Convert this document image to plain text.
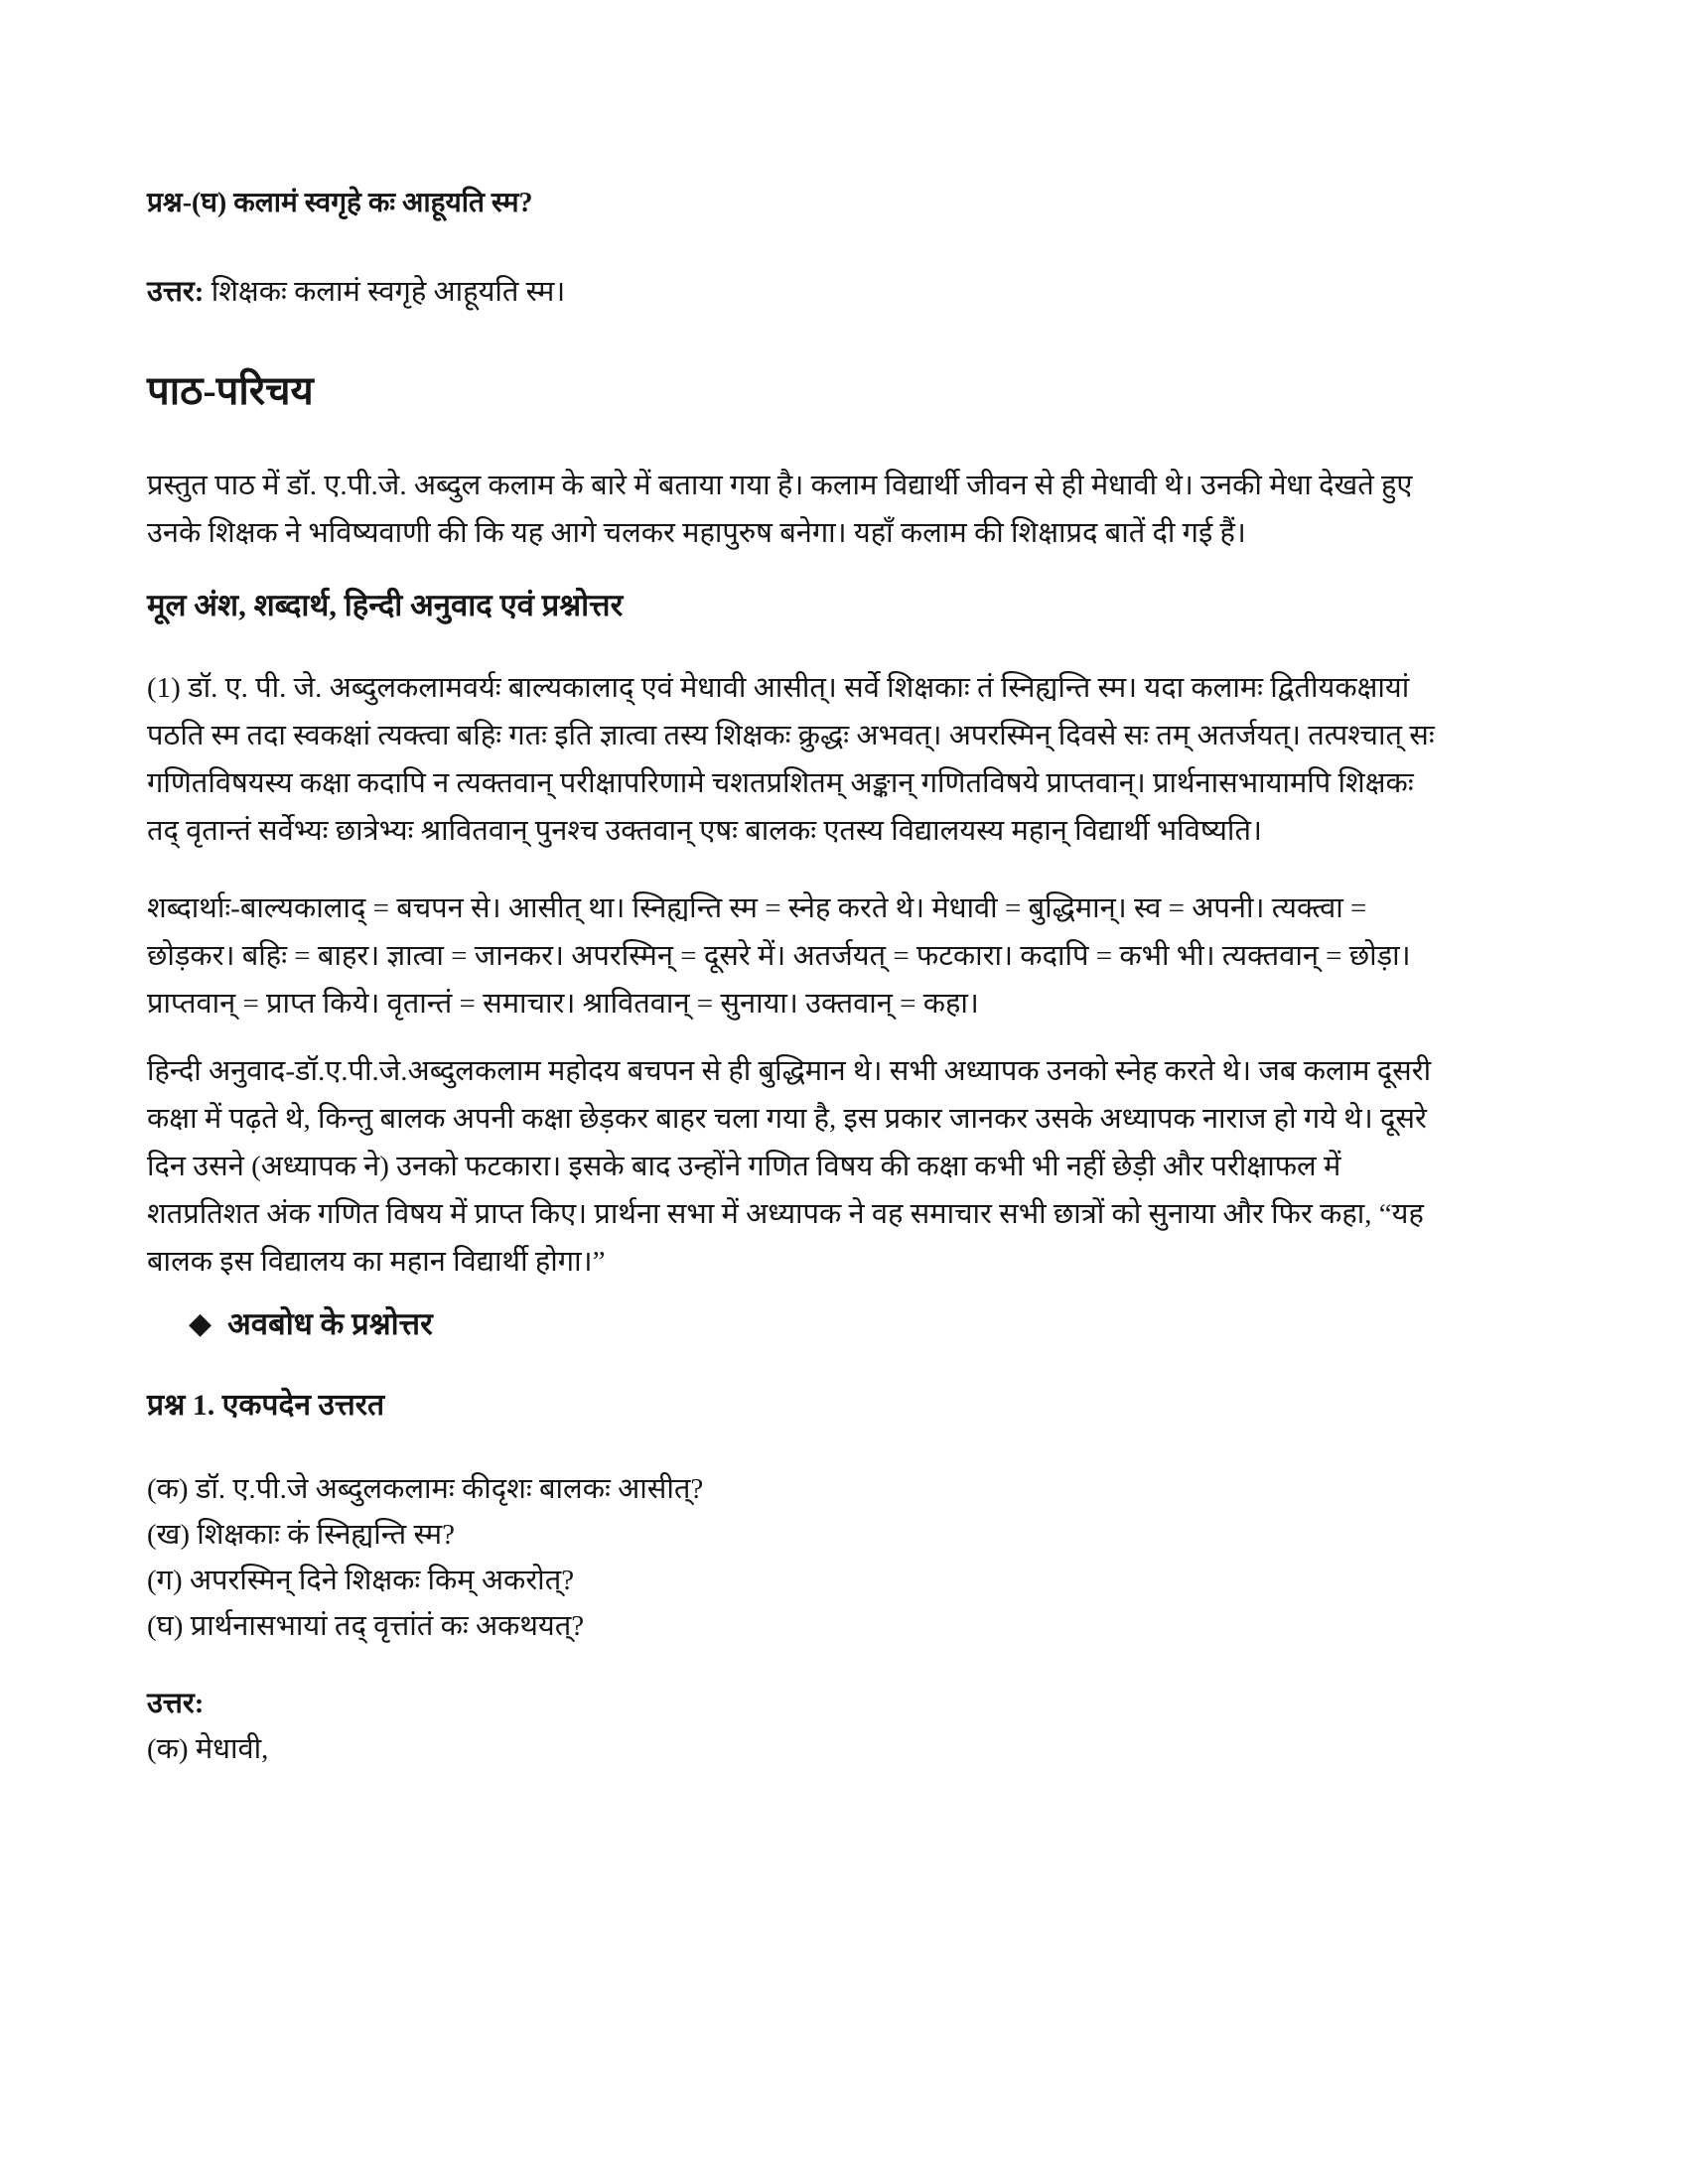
प्रश्न-(घ) कलामं स्वगृहे कः आहूयति स्म?
उत्तर: शिक्षकः कलामं स्वगृहे आहूयति स्म।
पाठ-परिचय
प्रस्तुत पाठ में डॉ. ए.पी.जे. अब्दुल कलाम के बारे में बताया गया है। कलाम विद्यार्थी जीवन से ही मेधावी थे। उनकी मेधा देखते हुए उनके शिक्षक ने भविष्यवाणी की कि यह आगे चलकर महापुरुष बनेगा। यहाँ कलाम की शिक्षाप्रद बातें दी गई हैं।
मूल अंश, शब्दार्थ, हिन्दी अनुवाद एवं प्रश्नोत्तर
(1) डॉ. ए. पी. जे. अब्दुलकलामवर्यः बाल्यकालाद् एवं मेधावी आसीत्। सर्वे शिक्षकाः तं स्निह्यन्ति स्म। यदा कलामः द्वितीयकक्षायां पठति स्म तदा स्वकक्षां त्यक्त्वा बहिः गतः इति ज्ञात्वा तस्य शिक्षकः क्रुद्धः अभवत्। अपरस्मिन् दिवसे सः तम् अतर्जयत्। तत्पश्चात् सः गणितविषयस्य कक्षा कदापि न त्यक्तवान् परीक्षापरिणामे चशतप्रशितम् अङ्कान् गणितविषये प्राप्तवान्। प्रार्थनासभायामपि शिक्षकः तद् वृतान्तं सर्वेभ्यः छात्रेभ्यः श्रावितवान् पुनश्च उक्तवान् एषः बालकः एतस्य विद्यालयस्य महान् विद्यार्थी भविष्यति।
शब्दार्थाः-बाल्यकालाद् = बचपन से। आसीत् था। स्निह्यन्ति स्म = स्नेह करते थे। मेधावी = बुद्धिमान्। स्व = अपनी। त्यक्त्वा = छोड़कर। बहिः = बाहर। ज्ञात्वा = जानकर। अपरस्मिन् = दूसरे में। अतर्जयत् = फटकारा। कदापि = कभी भी। त्यक्तवान् = छोड़ा। प्राप्तवान् = प्राप्त किये। वृतान्तं = समाचार। श्रावितवान् = सुनाया। उक्तवान् = कहा।
हिन्दी अनुवाद-डॉ.ए.पी.जे.अब्दुलकलाम महोदय बचपन से ही बुद्धिमान थे। सभी अध्यापक उनको स्नेह करते थे। जब कलाम दूसरी कक्षा में पढ़ते थे, किन्तु बालक अपनी कक्षा छेड़कर बाहर चला गया है, इस प्रकार जानकर उसके अध्यापक नाराज हो गये थे। दूसरे दिन उसने (अध्यापक ने) उनको फटकारा। इसके बाद उन्होंने गणित विषय की कक्षा कभी भी नहीं छेड़ी और परीक्षाफल में शतप्रतिशत अंक गणित विषय में प्राप्त किए। प्रार्थना सभा में अध्यापक ने वह समाचार सभी छात्रों को सुनाया और फिर कहा, “यह बालक इस विद्यालय का महान विद्यार्थी होगा।”
◆ अवबोध के प्रश्नोत्तर
प्रश्न 1. एकपदेन उत्तरत
(क) डॉ. ए.पी.जे अब्दुलकलामः कीदृशः बालकः आसीत्?
(ख) शिक्षकाः कं स्निह्यन्ति स्म?
(ग) अपरस्मिन् दिने शिक्षकः किम् अकरोत्?
(घ) प्रार्थनासभायां तद् वृत्तांतं कः अकथयत्?
उत्तर:
(क) मेधावी,
